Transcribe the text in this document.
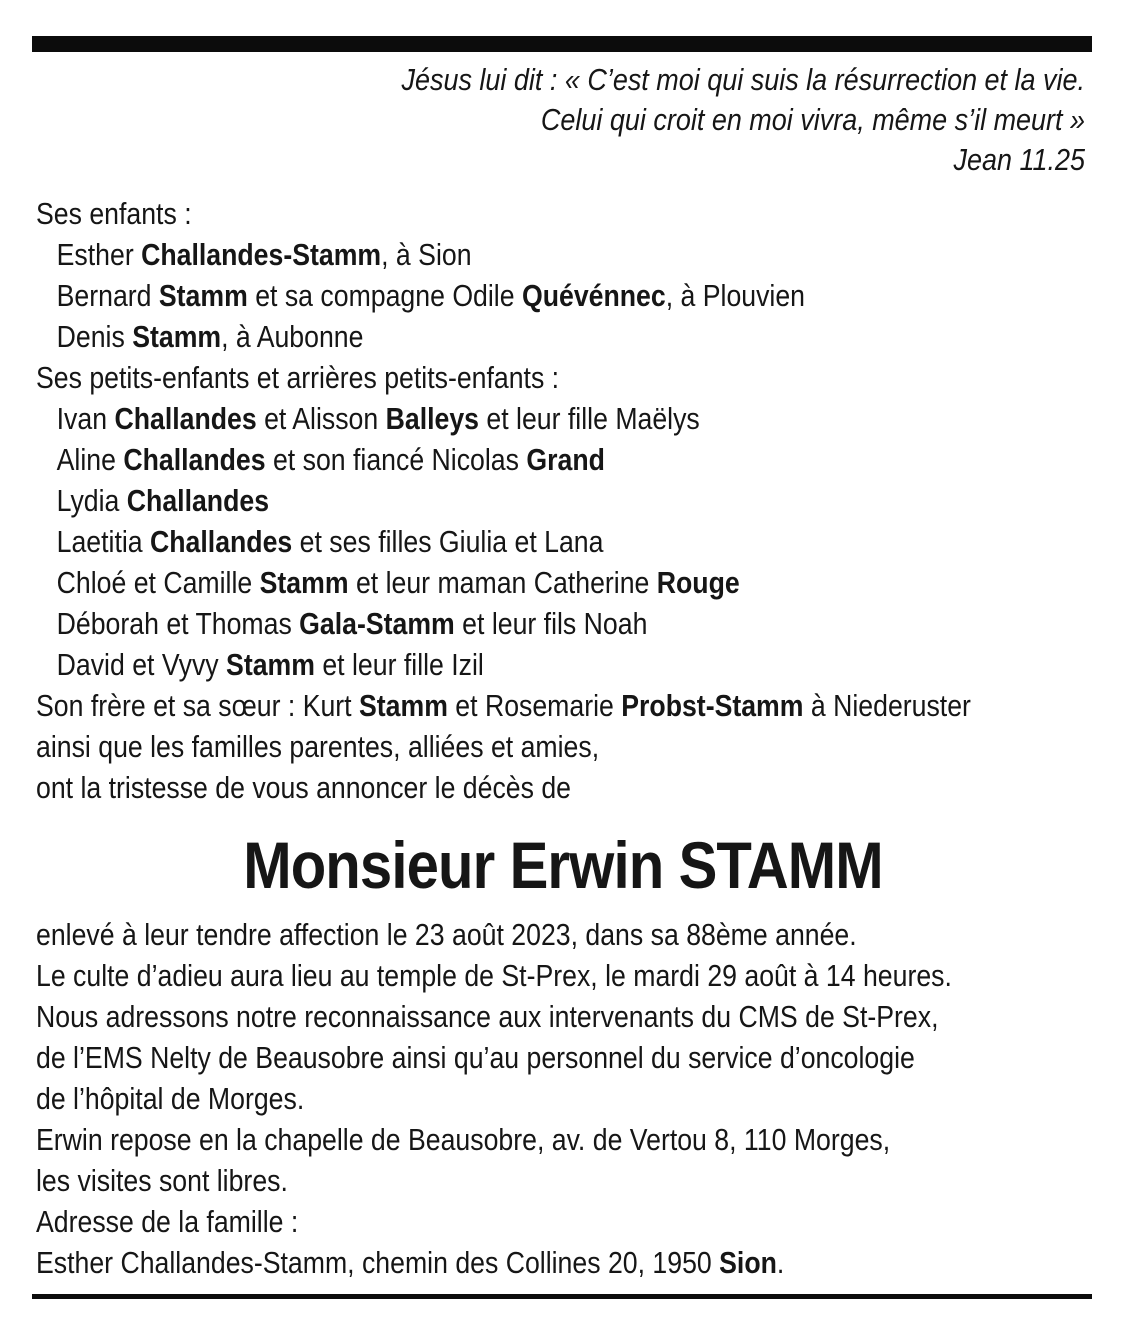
Jésus lui dit : « C’est moi qui suis la résurrection et la vie.
Celui qui croit en moi vivra, même s’il meurt »
Jean 11.25
Ses enfants :
Esther Challandes-Stamm, à Sion
Bernard Stamm et sa compagne Odile Quévénnec, à Plouvien
Denis Stamm, à Aubonne
Ses petits-enfants et arrières petits-enfants :
Ivan Challandes et Alisson Balleys et leur fille Maëlys
Aline Challandes et son fiancé Nicolas Grand
Lydia Challandes
Laetitia Challandes et ses filles Giulia et Lana
Chloé et Camille Stamm et leur maman Catherine Rouge
Déborah et Thomas Gala-Stamm et leur fils Noah
David et Vyvy Stamm et leur fille Izil
Son frère et sa sœur : Kurt Stamm et Rosemarie Probst-Stamm à Niederuster
ainsi que les familles parentes, alliées et amies,
ont la tristesse de vous annoncer le décès de
Monsieur Erwin STAMM
enlevé à leur tendre affection le 23 août 2023, dans sa 88ème année.
Le culte d’adieu aura lieu au temple de St-Prex, le mardi 29 août à 14 heures.
Nous adressons notre reconnaissance aux intervenants du CMS de St-Prex,
de l’EMS Nelty de Beausobre ainsi qu’au personnel du service d’oncologie
de l’hôpital de Morges.
Erwin repose en la chapelle de Beausobre, av. de Vertou 8, 110 Morges,
les visites sont libres.
Adresse de la famille :
Esther Challandes-Stamm, chemin des Collines 20, 1950 Sion.
